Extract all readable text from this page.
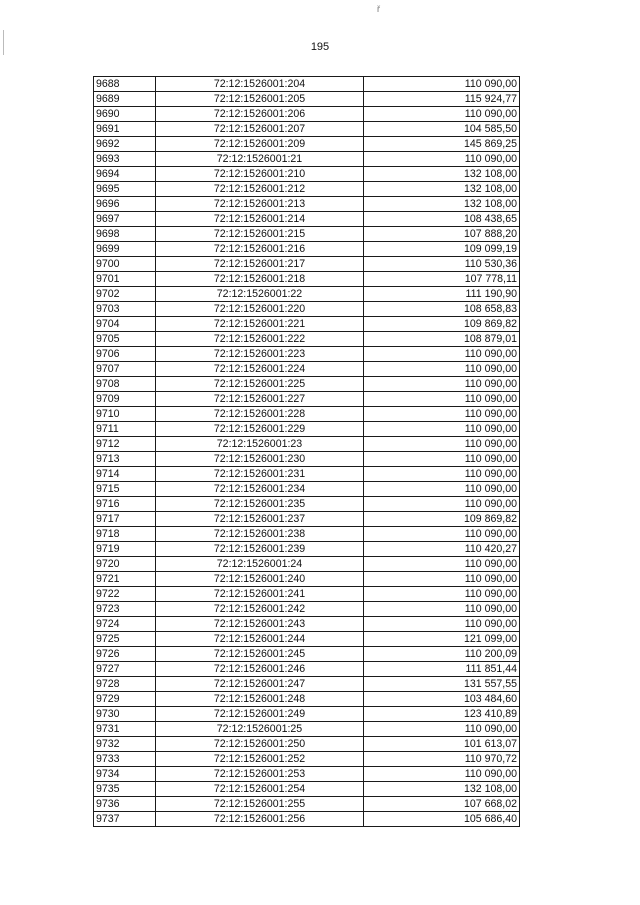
ř
195
9688	72:12:1526001:204	110 090,00
9689	72:12:1526001:205	115 924,77
9690	72:12:1526001:206	110 090,00
9691	72:12:1526001:207	104 585,50
9692	72:12:1526001:209	145 869,25
9693	72:12:1526001:21	110 090,00
9694	72:12:1526001:210	132 108,00
9695	72:12:1526001:212	132 108,00
9696	72:12:1526001:213	132 108,00
9697	72:12:1526001:214	108 438,65
9698	72:12:1526001:215	107 888,20
9699	72:12:1526001:216	109 099,19
9700	72:12:1526001:217	110 530,36
9701	72:12:1526001:218	107 778,11
9702	72:12:1526001:22	111 190,90
9703	72:12:1526001:220	108 658,83
9704	72:12:1526001:221	109 869,82
9705	72:12:1526001:222	108 879,01
9706	72:12:1526001:223	110 090,00
9707	72:12:1526001:224	110 090,00
9708	72:12:1526001:225	110 090,00
9709	72:12:1526001:227	110 090,00
9710	72:12:1526001:228	110 090,00
9711	72:12:1526001:229	110 090,00
9712	72:12:1526001:23	110 090,00
9713	72:12:1526001:230	110 090,00
9714	72:12:1526001:231	110 090,00
9715	72:12:1526001:234	110 090,00
9716	72:12:1526001:235	110 090,00
9717	72:12:1526001:237	109 869,82
9718	72:12:1526001:238	110 090,00
9719	72:12:1526001:239	110 420,27
9720	72:12:1526001:24	110 090,00
9721	72:12:1526001:240	110 090,00
9722	72:12:1526001:241	110 090,00
9723	72:12:1526001:242	110 090,00
9724	72:12:1526001:243	110 090,00
9725	72:12:1526001:244	121 099,00
9726	72:12:1526001:245	110 200,09
9727	72:12:1526001:246	111 851,44
9728	72:12:1526001:247	131 557,55
9729	72:12:1526001:248	103 484,60
9730	72:12:1526001:249	123 410,89
9731	72:12:1526001:25	110 090,00
9732	72:12:1526001:250	101 613,07
9733	72:12:1526001:252	110 970,72
9734	72:12:1526001:253	110 090,00
9735	72:12:1526001:254	132 108,00
9736	72:12:1526001:255	107 668,02
9737	72:12:1526001:256	105 686,40
